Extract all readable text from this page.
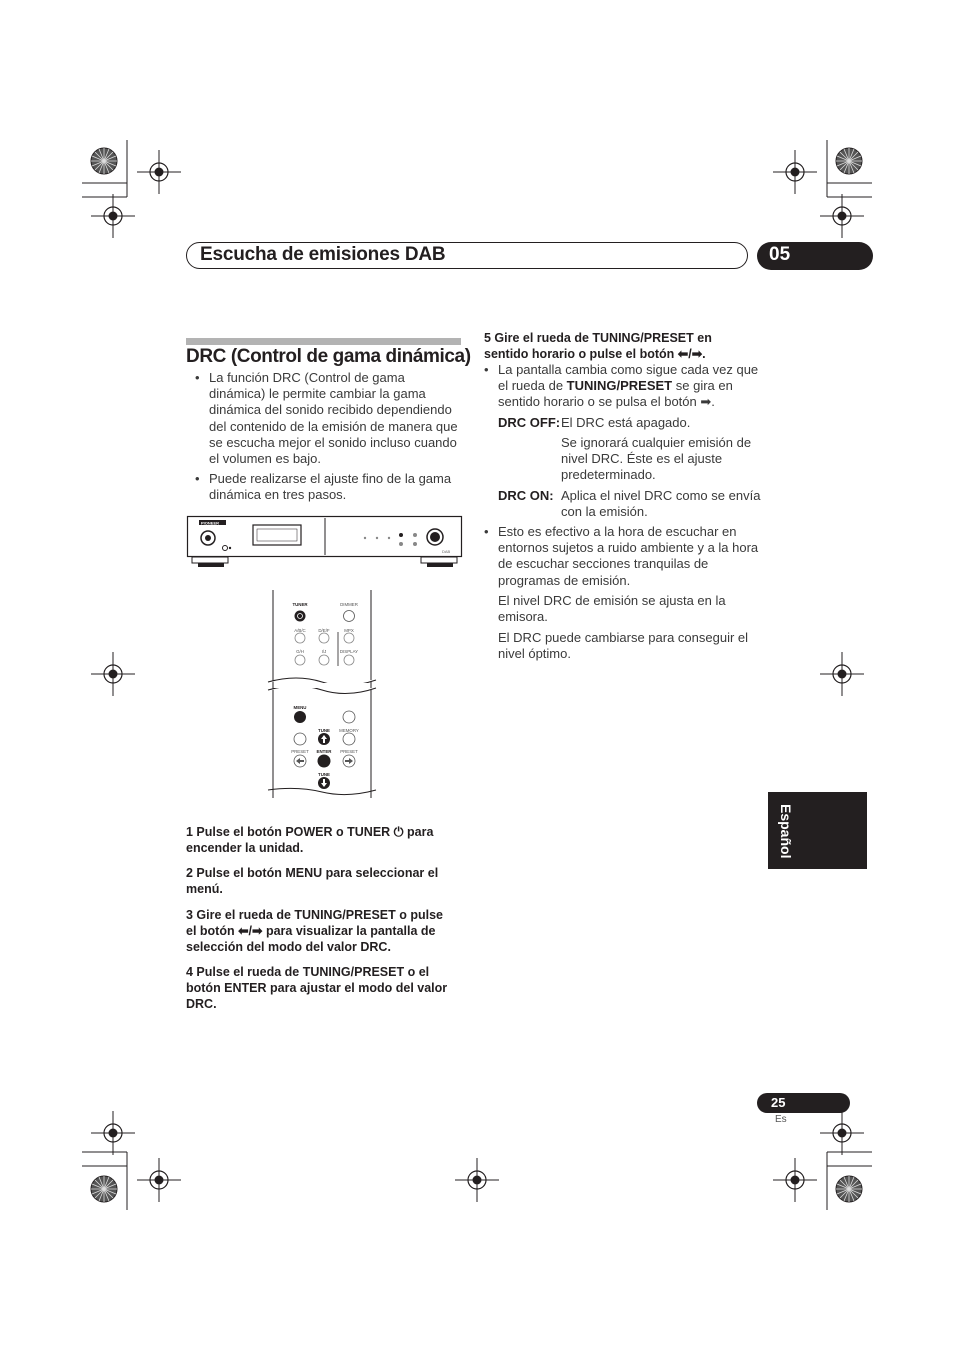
Escucha de emisiones DAB	05
DRC (Control de gama dinámica)
• La función DRC (Control de gama
dinámica) le permite cambiar la gama
dinámica del sonido recibido dependiendo
del contenido de la emisión de manera que
se escucha mejor el sonido incluso cuando
el volumen es bajo.
• Puede realizarse el ajuste fino de la gama
dinámica en tres pasos.
PIONEER
DAB
TUNER	DIMMER
A/B/C	D/E/F	MPX
G/H	I/J	DISPLAY
MENU
TUNE MEMORY
PRESET ENTER PRESET
TUNE
1 Pulse el botón POWER o TUNER ⏻ para
encender la unidad.
2 Pulse el botón MENU para seleccionar el
menú.
3 Gire el rueda de TUNING/PRESET o pulse
el botón ⬅/➡ para visualizar la pantalla de
selección del modo del valor DRC.
4 Pulse el rueda de TUNING/PRESET o el
botón ENTER para ajustar el modo del valor
DRC.
5 Gire el rueda de TUNING/PRESET en
sentido horario o pulse el botón ⬅/➡.
• La pantalla cambia como sigue cada vez que
el rueda de TUNING/PRESET se gira en
sentido horario o se pulsa el botón ➡.
DRC OFF: El DRC está apagado.
Se ignorará cualquier emisión de
nivel DRC. Éste es el ajuste
predeterminado.
DRC ON: Aplica el nivel DRC como se envía
con la emisión.
• Esto es efectivo a la hora de escuchar en
entornos sujetos a ruido ambiente y a la hora
de escuchar secciones tranquilas de
programas de emisión.
El nivel DRC de emisión se ajusta en la
emisora.
El DRC puede cambiarse para conseguir el
nivel óptimo.
Español
25
Es
